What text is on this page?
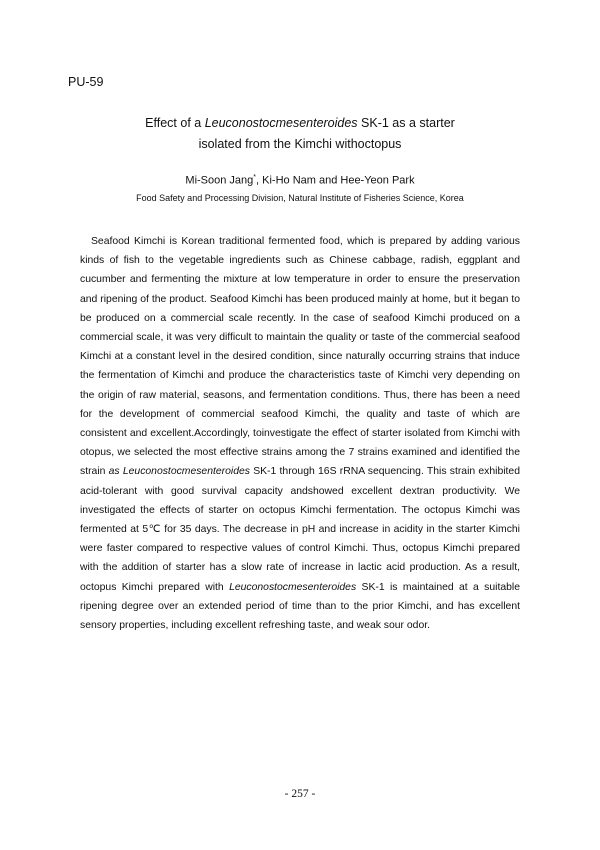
PU-59
Effect of a Leuconostocmesenteroides SK-1 as a starter
isolated from the Kimchi withoctopus
Mi-Soon Jang*, Ki-Ho Nam and Hee-Yeon Park
Food Safety and Processing Division, Natural Institute of Fisheries Science, Korea

Seafood Kimchi is Korean traditional fermented food, which is prepared by adding various kinds of fish to the vegetable ingredients such as Chinese cabbage, radish, eggplant and cucumber and fermenting the mixture at low temperature in order to ensure the preservation and ripening of the product. Seafood Kimchi has been produced mainly at home, but it began to be produced on a commercial scale recently. In the case of seafood Kimchi produced on a commercial scale, it was very difficult to maintain the quality or taste of the commercial seafood Kimchi at a constant level in the desired condition, since naturally occurring strains that induce the fermentation of Kimchi and produce the characteristics taste of Kimchi very depending on the origin of raw material, seasons, and fermentation conditions. Thus, there has been a need for the development of commercial seafood Kimchi, the quality and taste of which are consistent and excellent.Accordingly, toinvestigate the effect of starter isolated from Kimchi with otopus, we selected the most effective strains among the 7 strains examined and identified the strain as Leuconostocmesenteroides SK-1 through 16S rRNA sequencing. This strain exhibited acid-tolerant with good survival capacity andshowed excellent dextran productivity. We investigated the effects of starter on octopus Kimchi fermentation. The octopus Kimchi was fermented at 5℃ for 35 days. The decrease in pH and increase in acidity in the starter Kimchi were faster compared to respective values of control Kimchi. Thus, octopus Kimchi prepared with the addition of starter has a slow rate of increase in lactic acid production. As a result, octopus Kimchi prepared with Leuconostocmesenteroides SK-1 is maintained at a suitable ripening degree over an extended period of time than to the prior Kimchi, and has excellent sensory properties, including excellent refreshing taste, and weak sour odor.

- 257 -
